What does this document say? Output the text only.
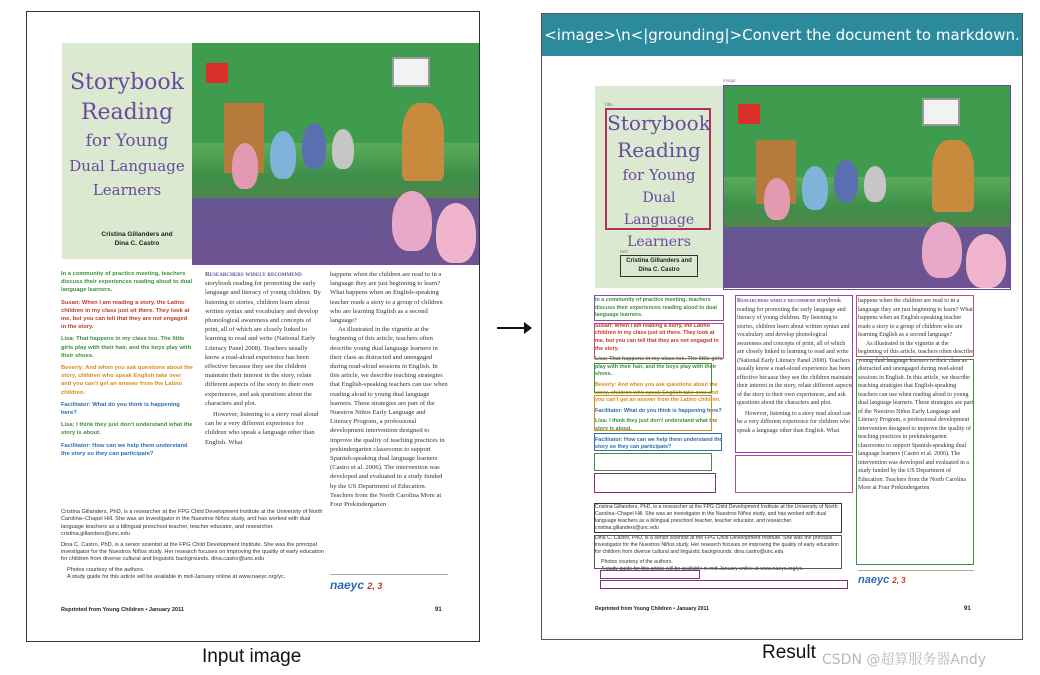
Storybook
Reading
for Young
Dual Language
Learners
Cristina Gillanders and
Dina C. Castro
In a community of practice meeting, teachers discuss their experiences reading aloud to dual language learners.
Susan: When I am reading a story, the Latino children in my class just sit there. They look at me, but you can tell that they are not engaged in the story.
Lisa: That happens in my class too. The little girls play with their hair, and the boys play with their shoes.
Beverly: And when you ask questions about the story, children who speak English take over and you can't get an answer from the Latino children.
Facilitator: What do you think is happening here?
Lisa: I think they just don't understand what the story is about.
Facilitator: How can we help them understand the story so they can participate?

Cristina Gillanders, PhD, is a researcher at the FPG Child Development Institute at the University of North Carolina–Chapel Hill. She was an investigator in the Nuestros Niños study, and has worked with dual language teachers as a bilingual preschool teacher, teacher educator, and researcher. cristina.gillanders@unc.edu

Dina C. Castro, PhD, is a senior scientist at the FPG Child Development Institute. She was the principal investigator for the Nuestros Niños study. Her research focuses on improving the quality of early education for children from diverse cultural and linguistic backgrounds. dina.castro@unc.edu

Photos courtesy of the authors.

A study guide for this article will be available in mid-January online at www.naeyc.org/yc.

Researchers widely recommend storybook reading for promoting the early language and literacy of young children. By listening to stories, children learn about written syntax and vocabulary and develop phonological awareness and concepts of print, all of which are closely linked to learning to read and write (National Early Literacy Panel 2008). Teachers usually know a read-aloud experience has been effective because they see the children maintain their interest in the story, relate different aspects of the story to their own experiences, and ask questions about the characters and plot.

However, listening to a story read aloud can be a very different experience for children who speak a language other than English. What

happens when the children are read to in a language they are just beginning to learn? What happens when an English-speaking teacher reads a story to a group of children who are learning English as a second language?

As illustrated in the vignette at the beginning of this article, teachers often describe young dual language learners in their class as distracted and unengaged during read-aloud sessions in English. In this article, we describe teaching strategies that English-speaking teachers can use when reading aloud to young dual language learners. These strategies are part of the Nuestros Niños Early Language and Literacy Program, a professional development intervention designed to improve the quality of teaching practices in prekindergarten classrooms to support Spanish-speaking dual language learners (Castro et al. 2006). The intervention was developed and evaluated in a study funded by the US Department of Education. Teachers from the North Carolina More at Four Prekindergarten

naeyc 2, 3
Reprinted from Young Children • January 2011	91
<image>\n<|grounding|>Convert the document to markdown.
Storybook
Reading
for Young
Dual Language
Learners
Cristina Gillanders and
Dina C. Castro
image
title
text
In a community of practice meeting, teachers discuss their experiences reading aloud to dual language learners.
Susan: When I am reading a story, the Latino children in my class just sit there. They look at me, but you can tell that they are not engaged in the story.
Lisa: That happens in my class too. The little girls play with their hair, and the boys play with their shoes.
Beverly: And when you ask questions about the story, children who speak English take over and you can't get an answer from the Latino children.
Facilitator: What do you think is happening here?
Lisa: I think they just don't understand what the story is about.
Facilitator: How can we help them understand the story so they can participate?

Cristina Gillanders, PhD, is a researcher at the FPG Child Development Institute at the University of North Carolina–Chapel Hill. She was an investigator in the Nuestros Niños study, and has worked with dual language teachers as a bilingual preschool teacher, teacher educator, and researcher. cristina.gillanders@unc.edu

Dina C. Castro, PhD, is a senior scientist at the FPG Child Development Institute. She was the principal investigator for the Nuestros Niños study. Her research focuses on improving the quality of early education for children from diverse cultural and linguistic backgrounds. dina.castro@unc.edu

Photos courtesy of the authors.

A study guide for this article will be available in mid-January online at www.naeyc.org/yc.

Researchers widely recommend storybook reading for promoting the early language and literacy of young children. By listening to stories, children learn about written syntax and vocabulary and develop phonological awareness and concepts of print, all of which are closely linked to learning to read and write (National Early Literacy Panel 2008). Teachers usually know a read-aloud experience has been effective because they see the children maintain their interest in the story, relate different aspects of the story to their own experiences, and ask questions about the characters and plot.

However, listening to a story read aloud can be a very different experience for children who speak a language other than English. What

happens when the children are read to in a language they are just beginning to learn? What happens when an English-speaking teacher reads a story to a group of children who are learning English as a second language?

As illustrated in the vignette at the beginning of this article, teachers often describe young dual language learners in their class as distracted and unengaged during read-aloud sessions in English. In this article, we describe teaching strategies that English-speaking teachers can use when reading aloud to young dual language learners. These strategies are part of the Nuestros Niños Early Language and Literacy Program, a professional development intervention designed to improve the quality of teaching practices in prekindergarten classrooms to support Spanish-speaking dual language learners (Castro et al. 2006). The intervention was developed and evaluated in a study funded by the US Department of Education. Teachers from the North Carolina More at Four Prekindergarten

naeyc 2, 3
Reprinted from Young Children • January 2011	91
Input image	Result CSDN @超算服务器Andy
